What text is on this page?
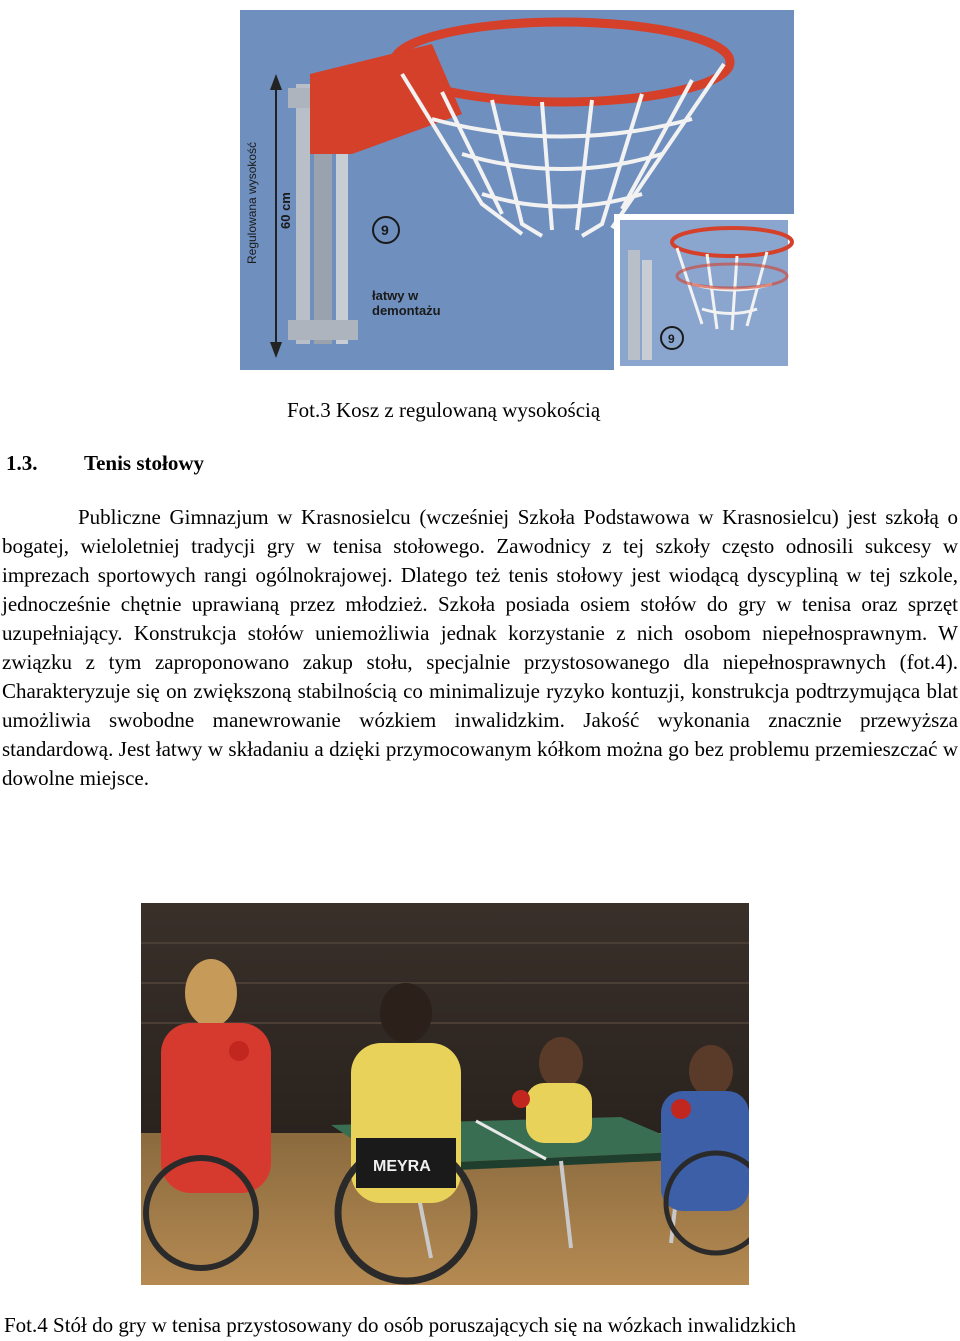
Regulowana wysokość 60 cm
9
łatwy w
demontażu
9
Fot.3 Kosz z regulowaną wysokością
1.3. Tenis stołowy

Publiczne Gimnazjum w Krasnosielcu (wcześniej Szkoła Podstawowa w Krasnosielcu) jest szkołą o bogatej, wieloletniej tradycji gry w tenisa stołowego. Zawodnicy z tej szkoły często odnosili sukcesy w imprezach sportowych rangi ogólnokrajowej. Dlatego też tenis stołowy jest wiodącą dyscypliną w tej szkole, jednocześnie chętnie uprawianą przez młodzież. Szkoła posiada osiem stołów do gry w tenisa oraz sprzęt uzupełniający. Konstrukcja stołów uniemożliwia jednak korzystanie z nich osobom niepełnosprawnym. W związku z tym zaproponowano zakup stołu, specjalnie przystosowanego dla niepełnosprawnych (fot.4). Charakteryzuje się on zwiększoną stabilnością co minimalizuje ryzyko kontuzji, konstrukcja podtrzymująca blat umożliwia swobodne manewrowanie wózkiem inwalidzkim. Jakość wykonania znacznie przewyższa standardową. Jest łatwy w składaniu a dzięki przymocowanym kółkom można go bez problemu przemieszczać w dowolne miejsce.

MEYRA
Fot.4 Stół do gry w tenisa przystosowany do osób poruszających się na wózkach inwalidzkich
